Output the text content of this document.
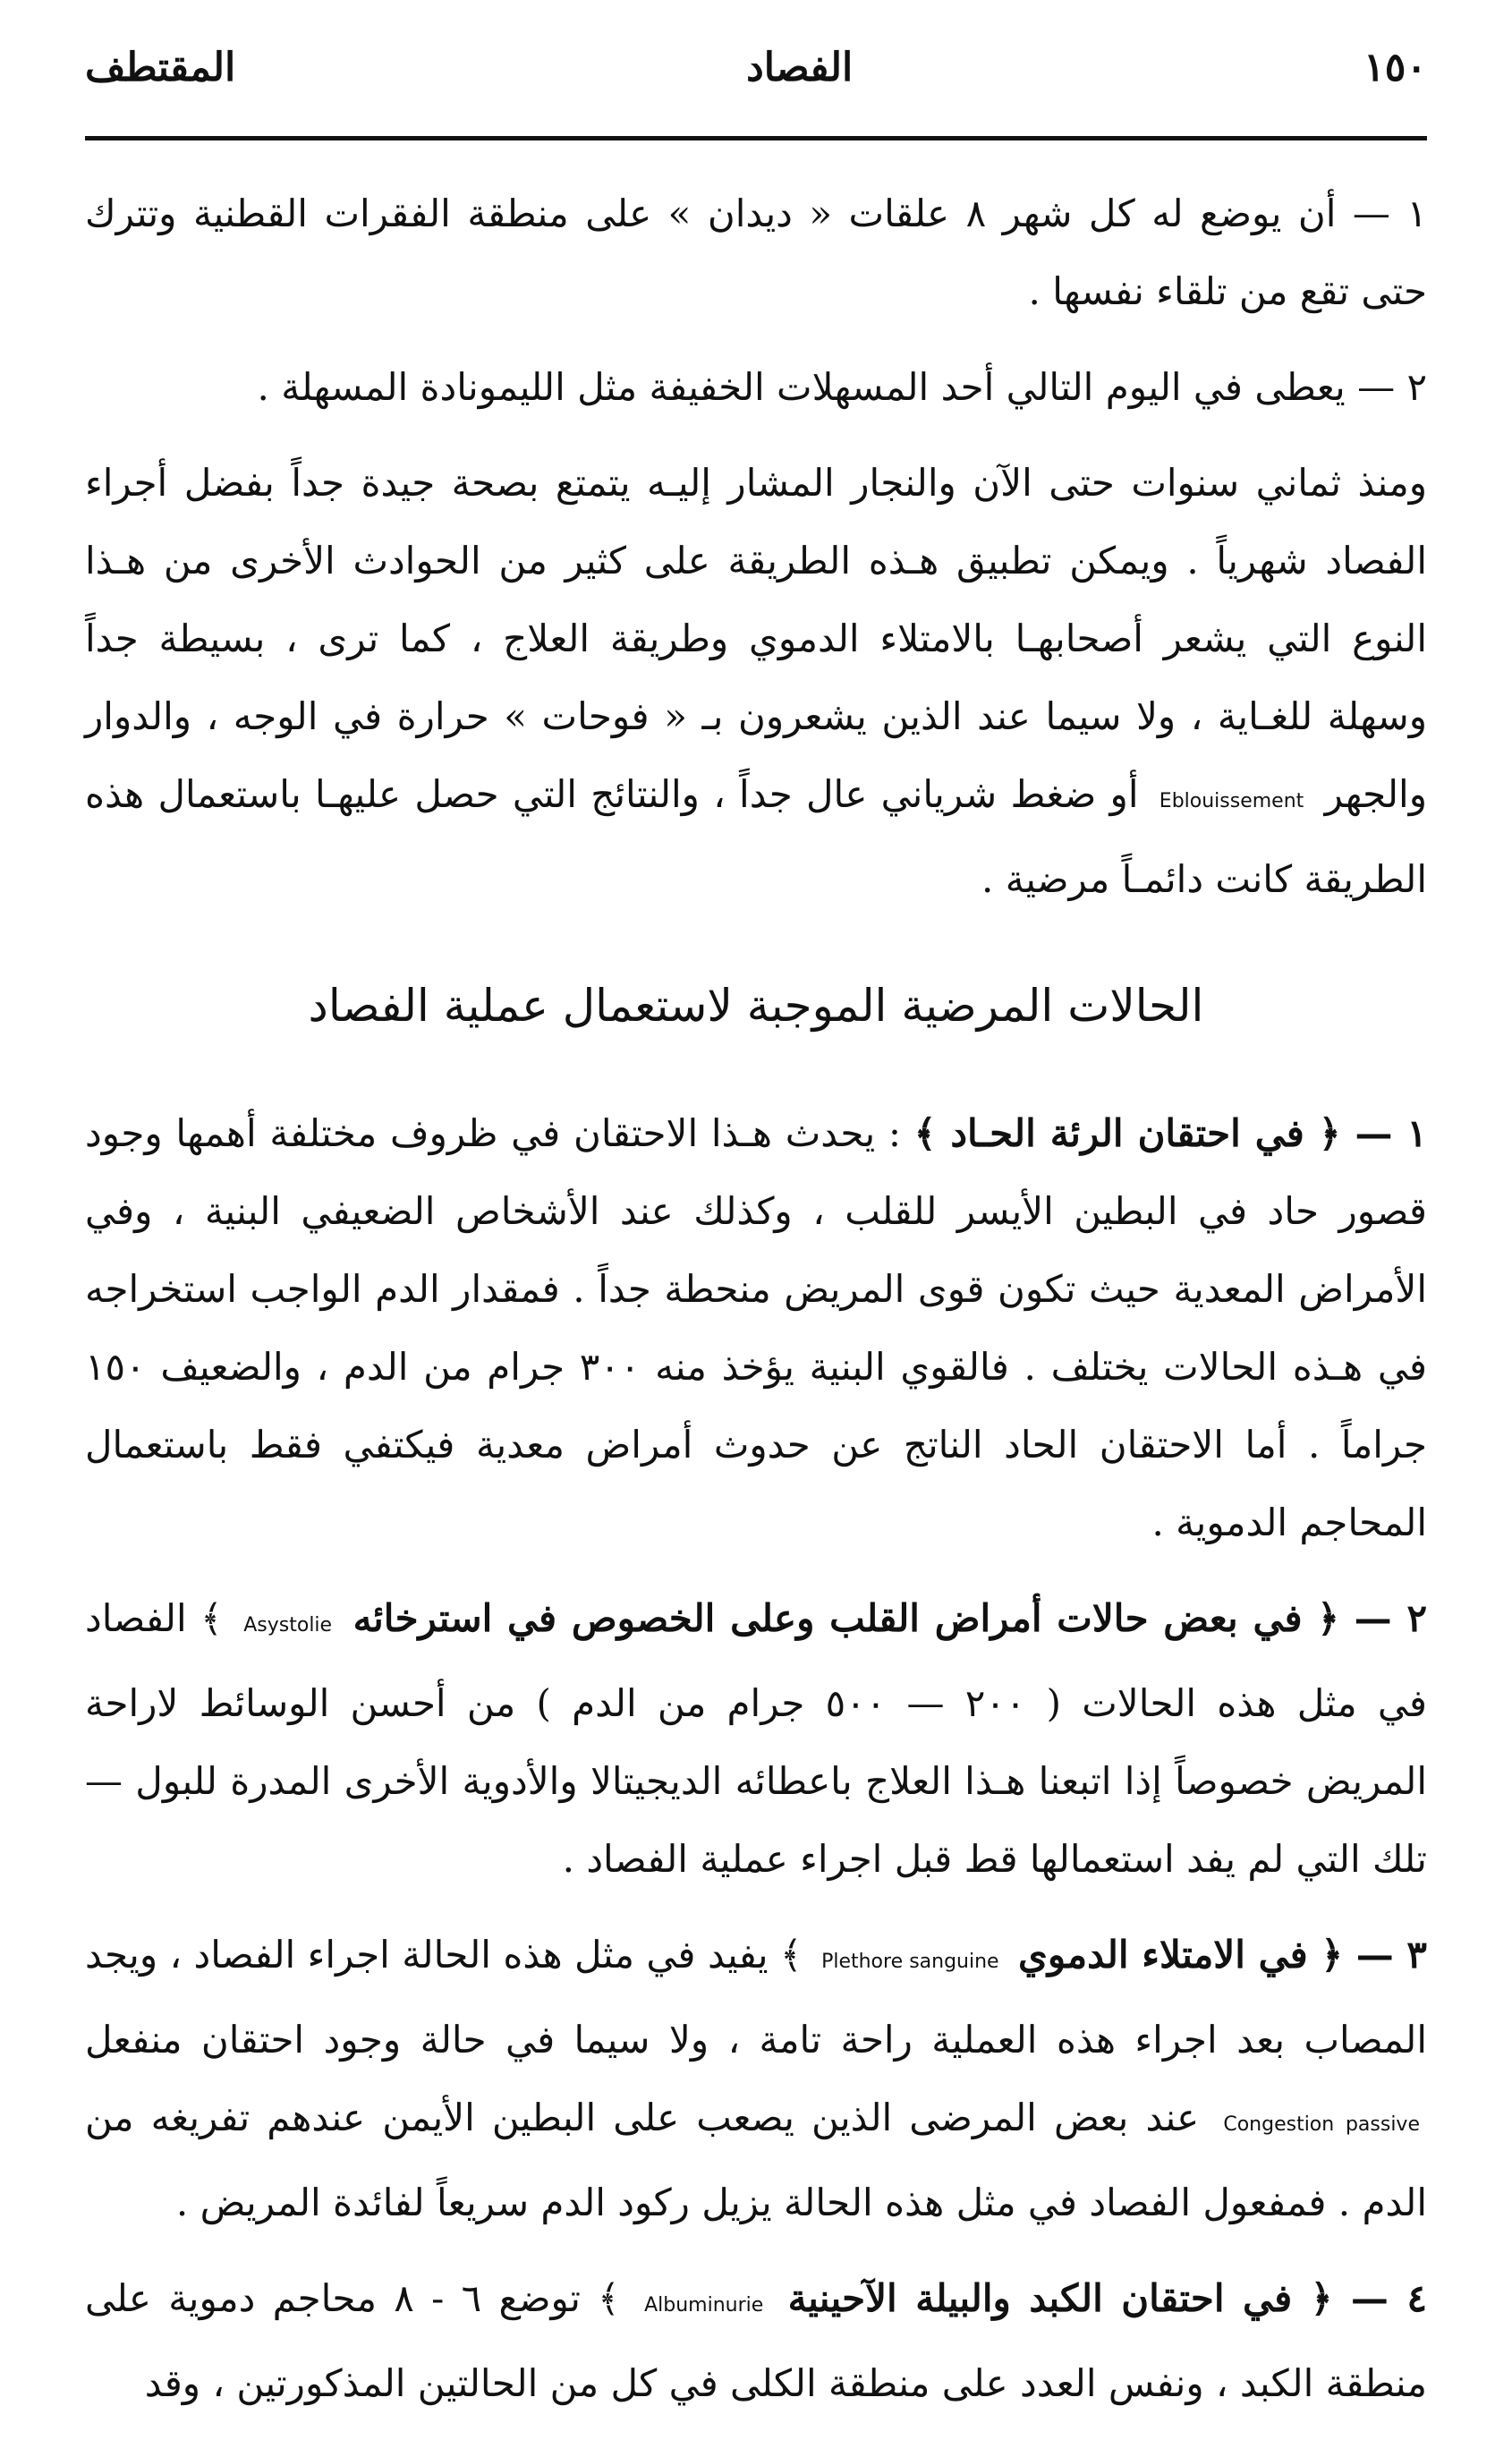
١٥٠
الفصاد
المقتطف

١ — أن يوضع له كل شهر ٨ علقات « ديدان » على منطقة الفقرات القطنية وتترك حتى تقع من تلقاء نفسها .

٢ — يعطى في اليوم التالي أحد المسهلات الخفيفة مثل الليمونادة المسهلة .

ومنذ ثماني سنوات حتى الآن والنجار المشار إليـه يتمتع بصحة جيدة جداً بفضل أجراء الفصاد شهرياً . ويمكن تطبيق هـذه الطريقة على كثير من الحوادث الأخرى من هـذا النوع التي يشعر أصحابهـا بالامتلاء الدموي وطريقة العلاج ، كما ترى ، بسيطة جداً وسهلة للغـاية ، ولا سيما عند الذين يشعرون بـ « فوحات » حرارة في الوجه ، والدوار والجهر Eblouissement أو ضغط شرياني عال جداً ، والنتائج التي حصل عليهـا باستعمال هذه الطريقة كانت دائمـاً مرضية .

الحالات المرضية الموجبة لاستعمال عملية الفصاد

١ — ﴿ في احتقان الرئة الحـاد ﴾ : يحدث هـذا الاحتقان في ظروف مختلفة أهمها وجود قصور حاد في البطين الأيسر للقلب ، وكذلك عند الأشخاص الضعيفي البنية ، وفي الأمراض المعدية حيث تكون قوى المريض منحطة جداً . فمقدار الدم الواجب استخراجه في هـذه الحالات يختلف . فالقوي البنية يؤخذ منه ٣٠٠ جرام من الدم ، والضعيف ١٥٠ جراماً . أما الاحتقان الحاد الناتج عن حدوث أمراض معدية فيكتفي فقط باستعمال المحاجم الدموية .

٢ — ﴿ في بعض حالات أمراض القلب وعلى الخصوص في استرخائه Asystolie ﴾ الفصاد في مثل هذه الحالات ( ٢٠٠ — ٥٠٠ جرام من الدم ) من أحسن الوسائط لاراحة المريض خصوصاً إذا اتبعنا هـذا العلاج باعطائه الديجيتالا والأدوية الأخرى المدرة للبول — تلك التي لم يفد استعمالها قط قبل اجراء عملية الفصاد .

٣ — ﴿ في الامتلاء الدموي Plethore sanguine ﴾ يفيد في مثل هذه الحالة اجراء الفصاد ، ويجد المصاب بعد اجراء هذه العملية راحة تامة ، ولا سيما في حالة وجود احتقان منفعل Congestion passive عند بعض المرضى الذين يصعب على البطين الأيمن عندهم تفريغه من الدم . فمفعول الفصاد في مثل هذه الحالة يزيل ركود الدم سريعاً لفائدة المريض .

٤ — ﴿ في احتقان الكبد والبيلة الآحينية Albuminurie ﴾ توضع ٦ - ٨ محاجم دموية على منطقة الكبد ، ونفس العدد على منطقة الكلى في كل من الحالتين المذكورتين ، وقد
